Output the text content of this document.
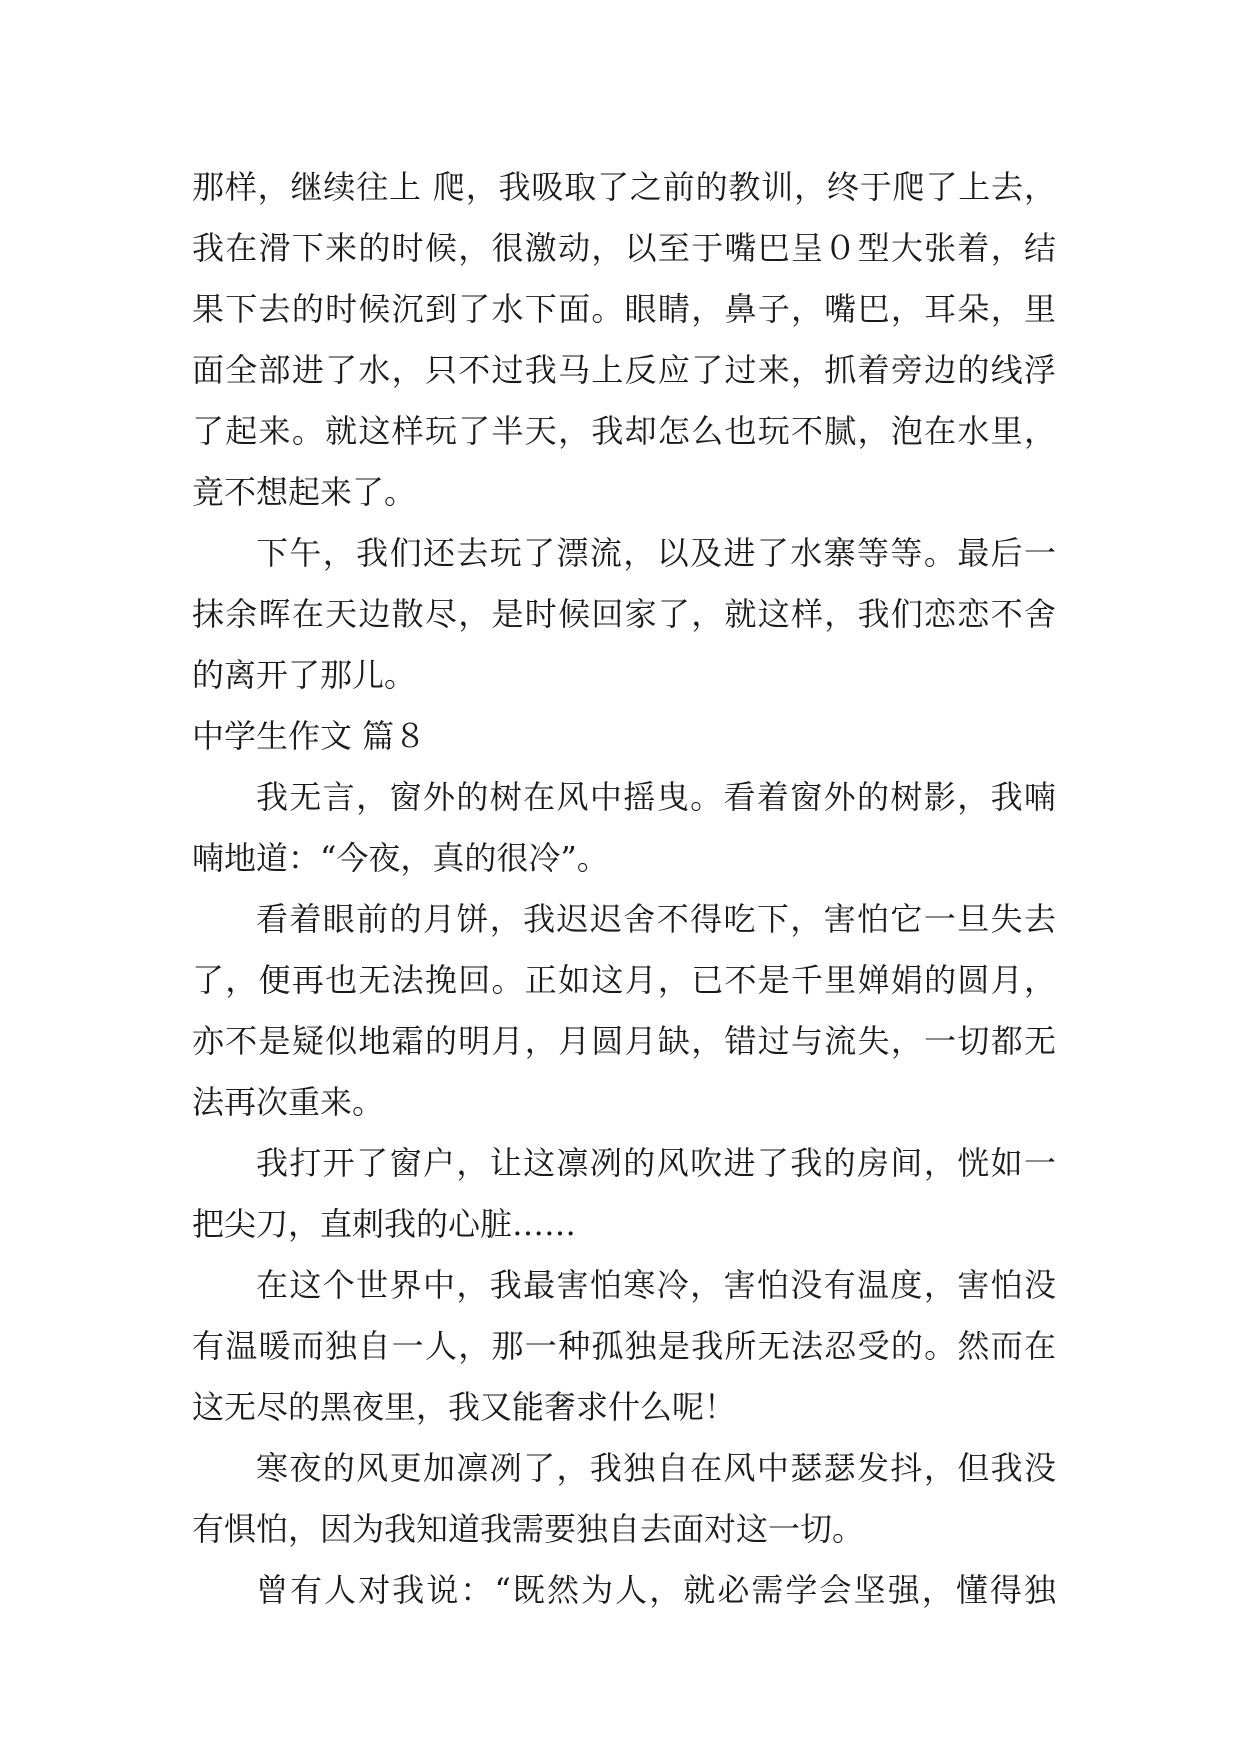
那样，继续往上 爬，我吸取了之前的教训，终于爬了上去，

我在滑下来的时候，很激动，以至于嘴巴呈０型大张着，结

果下去的时候沉到了水下面。眼睛，鼻子，嘴巴，耳朵，里

面全部进了水，只不过我马上反应了过来，抓着旁边的线浮

了起来。就这样玩了半天，我却怎么也玩不腻，泡在水里，

竟不想起来了。

下午，我们还去玩了漂流，以及进了水寨等等。最后一

抹余晖在天边散尽，是时候回家了，就这样，我们恋恋不舍

的离开了那儿。

中学生作文 篇８

我无言，窗外的树在风中摇曳。看着窗外的树影，我喃

喃地道：“今夜，真的很冷”。

看着眼前的月饼，我迟迟舍不得吃下，害怕它一旦失去

了，便再也无法挽回。正如这月，已不是千里婵娟的圆月，

亦不是疑似地霜的明月，月圆月缺，错过与流失，一切都无

法再次重来。

我打开了窗户，让这凛冽的风吹进了我的房间，恍如一

把尖刀，直刺我的心脏……

在这个世界中，我最害怕寒冷，害怕没有温度，害怕没

有温暖而独自一人，那一种孤独是我所无法忍受的。然而在

这无尽的黑夜里，我又能奢求什么呢！

寒夜的风更加凛冽了，我独自在风中瑟瑟发抖，但我没

有惧怕，因为我知道我需要独自去面对这一切。

曾有人对我说：“既然为人，就必需学会坚强，懂得独
